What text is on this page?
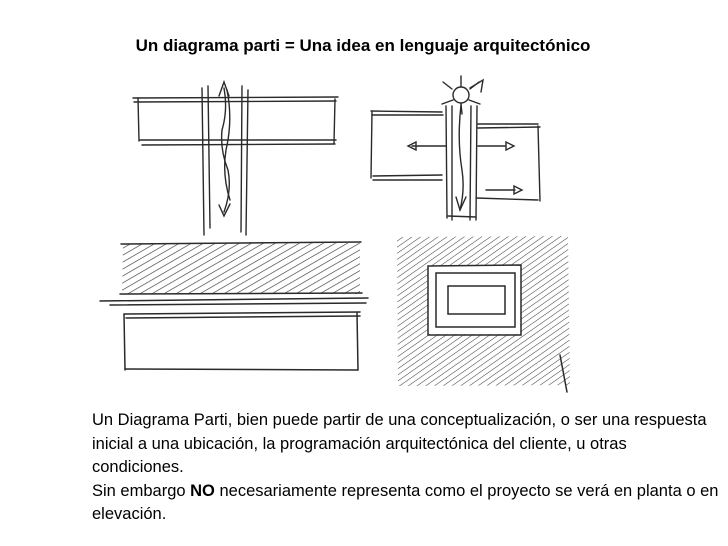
Un diagrama parti = Una idea en lenguaje arquitectónico

Un Diagrama Parti, bien puede partir de una conceptualización, o ser una respuesta inicial a una ubicación, la programación arquitectónica del cliente, u otras condiciones.

Sin embargo NO necesariamente representa como el proyecto se verá en planta o en elevación.
